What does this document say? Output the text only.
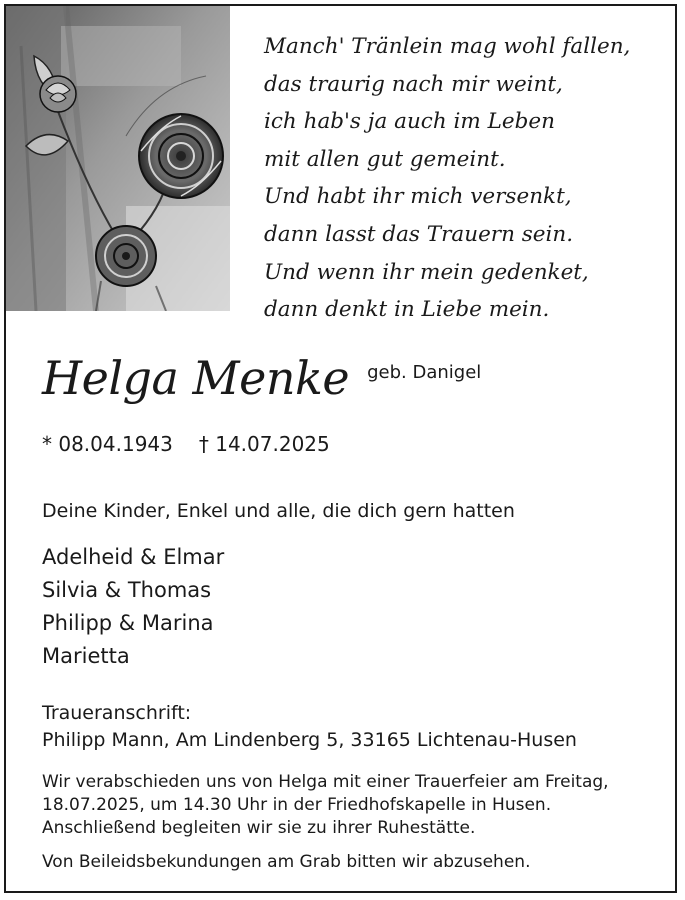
Manch' Tränlein mag wohl fallen,
das traurig nach mir weint,
ich hab's ja auch im Leben
mit allen gut gemeint.
Und habt ihr mich versenkt,
dann lasst das Trauern sein.
Und wenn ihr mein gedenket,
dann denkt in Liebe mein.
Helga Menke geb. Danigel
* 08.04.1943 † 14.07.2025
Deine Kinder, Enkel und alle, die dich gern hatten
Adelheid & Elmar
Silvia & Thomas
Philipp & Marina
Marietta
Traueranschrift:
Philipp Mann, Am Lindenberg 5, 33165 Lichtenau-Husen
Wir verabschieden uns von Helga mit einer Trauerfeier am Freitag, 18.07.2025, um 14.30 Uhr in der Friedhofskapelle in Husen. Anschließend begleiten wir sie zu ihrer Ruhestätte.
Von Beileidsbekundungen am Grab bitten wir abzusehen.
